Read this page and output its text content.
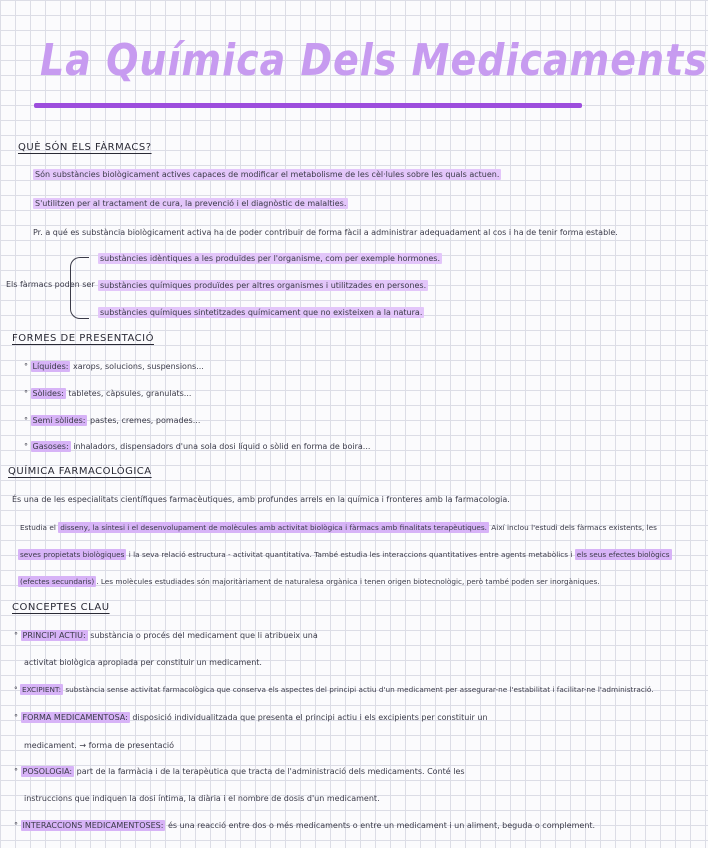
La Química Dels Medicaments
QUÈ SÓN ELS FÀRMACS?
Són substàncies biològicament actives capaces de modificar el metabolisme de les cèl·lules sobre les quals actuen.
S'utilitzen per al tractament de cura, la prevenció i el diagnòstic de malalties.
Pr. a qué es substància biològicament activa ha de poder contribuir de forma fàcil a administrar adequadament al cos i ha de tenir forma estable.
Els fàrmacs poden ser
substàncies idèntiques a les produïdes per l'organisme, com per exemple hormones.
substàncies químiques produïdes per altres organismes i utilitzades en persones.
substàncies químiques sintetitzades químicament que no existeixen a la natura.
FORMES DE PRESENTACIÓ
° Líquides: xarops, solucions, suspensions...
° Sòlides: tabletes, càpsules, granulats...
° Semi sòlides: pastes, cremes, pomades...
° Gasoses: inhaladors, dispensadors d'una sola dosi líquid o sòlid en forma de boira...
QUÍMICA FARMACOLÒGICA
És una de les especialitats científiques farmacèutiques, amb profundes arrels en la química i fronteres amb la farmacologia.
Estudia el disseny, la síntesi i el desenvolupament de molècules amb activitat biològica i fàrmacs amb finalitats terapèutiques. Així inclou l'estudi dels fàrmacs existents, les
seves propietats biològiques i la seva relació estructura - activitat quantitativa. També estudia les interaccions quantitatives entre agents metabòlics i els seus efectes biològics
(efectes secundaris) . Les molècules estudiades són majoritàriament de naturalesa orgànica i tenen origen biotecnològic, però també poden ser inorgàniques.
CONCEPTES CLAU
° PRINCIPI ACTIU: substància o procés del medicament que li atribueix una
activitat biològica apropiada per constituir un medicament.
° EXCIPIENT: substància sense activitat farmacològica que conserva els aspectes del principi actiu d'un medicament per assegurar-ne l'estabilitat i facilitar-ne l'administració.
° FORMA MEDICAMENTOSA: disposició individualitzada que presenta el principi actiu i els excipients per constituir un
medicament. → forma de presentació
° POSOLOGIA: part de la farmàcia i de la terapèutica que tracta de l'administració dels medicaments. Conté les
instruccions que indiquen la dosi íntima, la diària i el nombre de dosis d'un medicament.
° INTERACCIONS MEDICAMENTOSES: és una reacció entre dos o més medicaments o entre un medicament i un aliment, beguda o complement.
